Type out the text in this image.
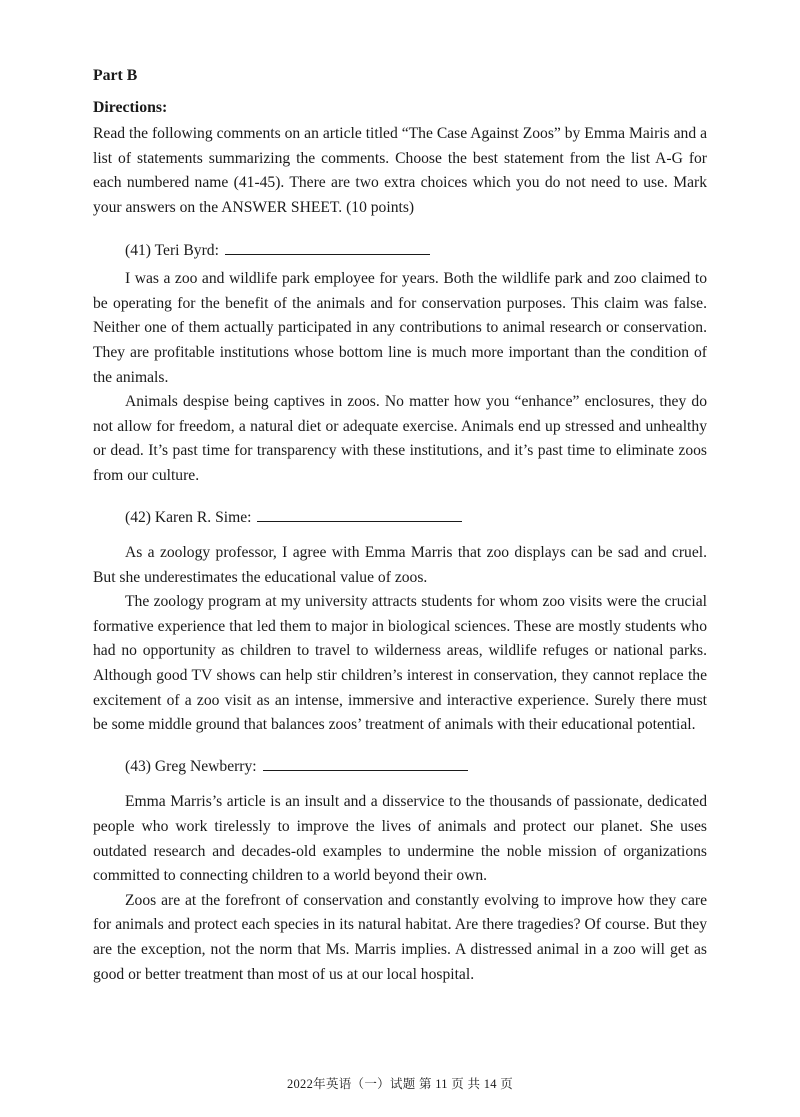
Part B
Directions:

Read the following comments on an article titled “The Case Against Zoos” by Emma Mairis and a list of statements summarizing the comments. Choose the best statement from the list A-G for each numbered name (41-45). There are two extra choices which you do not need to use. Mark your answers on the ANSWER SHEET. (10 points)

(41) Teri Byrd:

I was a zoo and wildlife park employee for years. Both the wildlife park and zoo claimed to be operating for the benefit of the animals and for conservation purposes. This claim was false. Neither one of them actually participated in any contributions to animal research or conservation. They are profitable institutions whose bottom line is much more important than the condition of the animals.

Animals despise being captives in zoos. No matter how you “enhance” enclosures, they do not allow for freedom, a natural diet or adequate exercise. Animals end up stressed and unhealthy or dead. It’s past time for transparency with these institutions, and it’s past time to eliminate zoos from our culture.

(42) Karen R. Sime:

As a zoology professor, I agree with Emma Marris that zoo displays can be sad and cruel. But she underestimates the educational value of zoos.

The zoology program at my university attracts students for whom zoo visits were the crucial formative experience that led them to major in biological sciences. These are mostly students who had no opportunity as children to travel to wilderness areas, wildlife refuges or national parks. Although good TV shows can help stir children’s interest in conservation, they cannot replace the excitement of a zoo visit as an intense, immersive and interactive experience. Surely there must be some middle ground that balances zoos’ treatment of animals with their educational potential.

(43) Greg Newberry:

Emma Marris’s article is an insult and a disservice to the thousands of passionate, dedicated people who work tirelessly to improve the lives of animals and protect our planet. She uses outdated research and decades-old examples to undermine the noble mission of organizations committed to connecting children to a world beyond their own.

Zoos are at the forefront of conservation and constantly evolving to improve how they care for animals and protect each species in its natural habitat. Are there tragedies? Of course. But they are the exception, not the norm that Ms. Marris implies. A distressed animal in a zoo will get as good or better treatment than most of us at our local hospital.

2022年英语（一）试题 第 11 页 共 14 页
